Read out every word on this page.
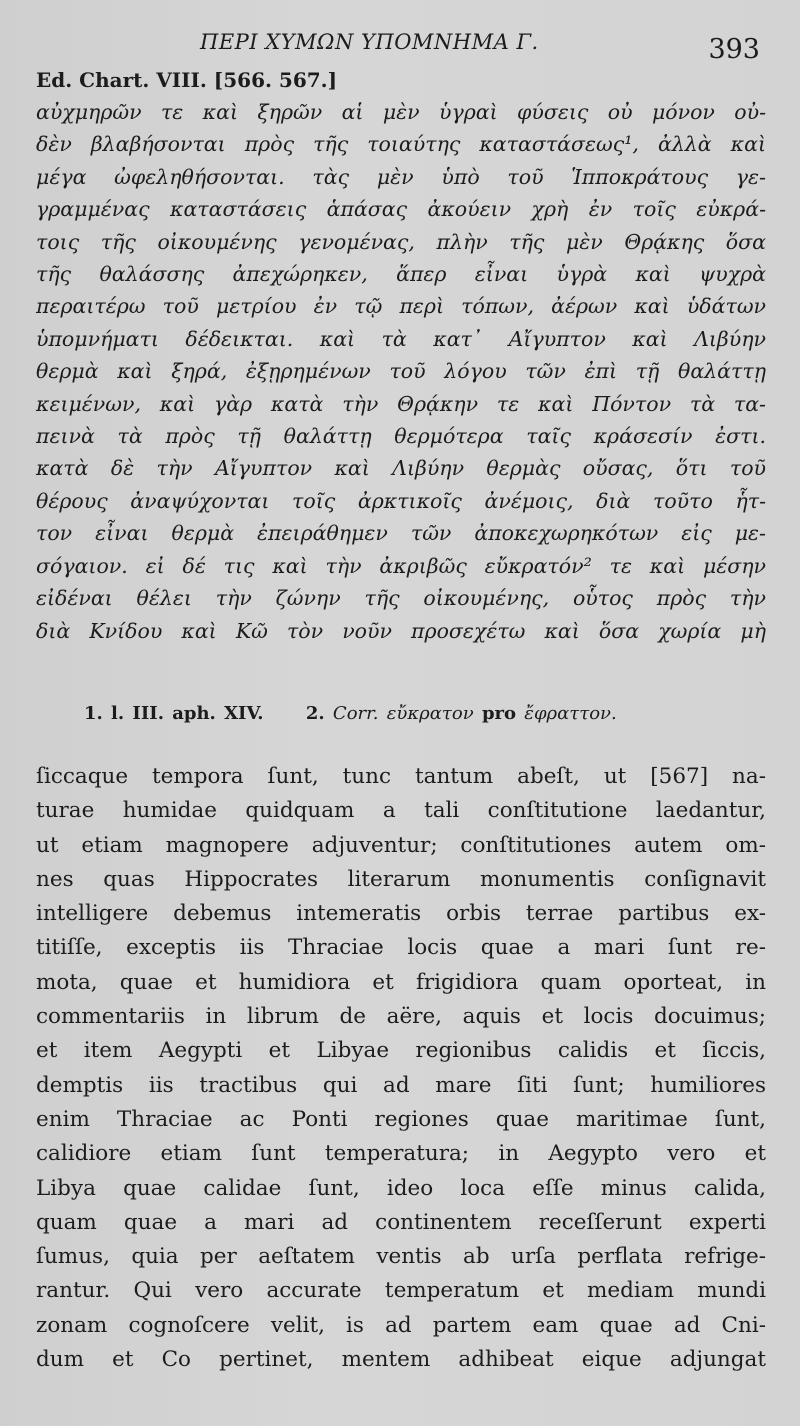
ΠΕΡΙ ΧΥΜΩΝ ΥΠΟΜΝΗΜΑ Γ.	393
Ed. Chart. VIII. [566. 567.]
αὐχμηρῶν τε καὶ ξηρῶν αἱ μὲν ὑγραὶ φύσεις οὐ μόνον οὐ-
δὲν βλαβήσονται πρὸς τῆς τοιαύτης καταστάσεως¹, ἀλλὰ καὶ
μέγα ὠφεληθήσονται. τὰς μὲν ὑπὸ τοῦ Ἱπποκράτους γε-
γραμμένας καταστάσεις ἁπάσας ἀκούειν χρὴ ἐν τοῖς εὐκρά-
τοις τῆς οἰκουμένης γενομένας, πλὴν τῆς μὲν Θρᾴκης ὅσα
τῆς θαλάσσης ἀπεχώρηκεν, ἅπερ εἶναι ὑγρὰ καὶ ψυχρὰ
περαιτέρω τοῦ μετρίου ἐν τῷ περὶ τόπων, ἀέρων καὶ ὑδάτων
ὑπομνήματι δέδεικται. καὶ τὰ κατ᾽ Αἴγυπτον καὶ Λιβύην
θερμὰ καὶ ξηρά, ἐξῃρημένων τοῦ λόγου τῶν ἐπὶ τῇ θαλάττῃ
κειμένων, καὶ γὰρ κατὰ τὴν Θρᾴκην τε καὶ Πόντον τὰ τα-
πεινὰ τὰ πρὸς τῇ θαλάττῃ θερμότερα ταῖς κράσεσίν ἐστι.
κατὰ δὲ τὴν Αἴγυπτον καὶ Λιβύην θερμὰς οὔσας, ὅτι τοῦ
θέρους ἀναψύχονται τοῖς ἀρκτικοῖς ἀνέμοις, διὰ τοῦτο ἧτ-
τον εἶναι θερμὰ ἐπειράθημεν τῶν ἀποκεχωρηκότων εἰς με-
σόγαιον. εἰ δέ τις καὶ τὴν ἀκριβῶς εὔκρατόν² τε καὶ μέσην
εἰδέναι θέλει τὴν ζώνην τῆς οἰκουμένης, οὗτος πρὸς τὴν
διὰ Κνίδου καὶ Κῶ τὸν νοῦν προσεχέτω καὶ ὅσα χωρία μὴ
1. l. III. aph. XIV. 2. Corr. εὔκρατον pro ἔφραττον.
ſiccaque tempora ſunt, tunc tantum abeſt, ut [567] na-
turae humidae quidquam a tali conſtitutione laedantur,
ut etiam magnopere adjuventur; conſtitutiones autem om-
nes quas Hippocrates literarum monumentis conſignavit
intelligere debemus intemeratis orbis terrae partibus ex-
titiſſe, exceptis iis Thraciae locis quae a mari ſunt re-
mota, quae et humidiora et frigidiora quam oporteat, in
commentariis in librum de aëre, aquis et locis docuimus;
et item Aegypti et Libyae regionibus calidis et ſiccis,
demptis iis tractibus qui ad mare ſiti ſunt; humiliores
enim Thraciae ac Ponti regiones quae maritimae ſunt,
calidiore etiam ſunt temperatura; in Aegypto vero et
Libya quae calidae ſunt, ideo loca eſſe minus calida,
quam quae a mari ad continentem receſſerunt experti
ſumus, quia per aeſtatem ventis ab urſa perflata refrige-
rantur. Qui vero accurate temperatum et mediam mundi
zonam cognoſcere velit, is ad partem eam quae ad Cni-
dum et Co pertinet, mentem adhibeat eique adjungat
